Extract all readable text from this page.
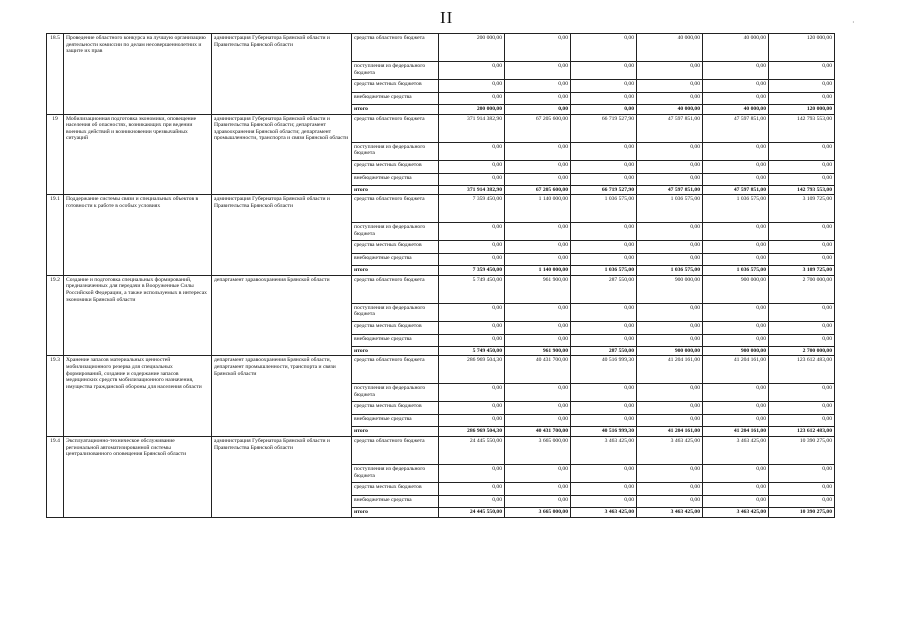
II	·
18.5	Проведение областного конкурса на лучшую организацию деятельности комиссии по делам несовершеннолетних и защите их прав	администрация Губернатора Брянской области и Правительства Брянской области	средства областного бюджета	200 000,00	0,00	0,00	40 000,00	40 000,00	120 000,00
			поступления из федерального бюджета	0,00	0,00	0,00	0,00	0,00	0,00
			средства местных бюджетов	0,00	0,00	0,00	0,00	0,00	0,00
			внебюджетные средства	0,00	0,00	0,00	0,00	0,00	0,00
			итого	200 000,00	0,00	0,00	40 000,00	40 000,00	120 000,00
19	Мобилизационная подготовка экономики, оповещение населения об опасностях, возникающих при ведении военных действий и возникновении чрезвычайных ситуаций	администрация Губернатора Брянской области и Правительства Брянской области; департамент здравоохранения Брянской области; департамент промышленности, транспорта и связи Брянской области	средства областного бюджета	371 914 382,90	67 205 600,00	66 719 527,90	47 597 851,00	47 597 851,00	142 793 553,00
			поступления из федерального бюджета	0,00	0,00	0,00	0,00	0,00	0,00
			средства местных бюджетов	0,00	0,00	0,00	0,00	0,00	0,00
			внебюджетные средства	0,00	0,00	0,00	0,00	0,00	0,00
			итого	371 914 382,90	67 205 600,00	66 719 527,90	47 597 851,00	47 597 851,00	142 793 553,00
19.1	Поддержание системы связи и специальных объектов в готовности к работе в особых условиях	администрация Губернатора Брянской области и Правительства Брянской области	средства областного бюджета	7 359 450,00	1 140 000,00	1 036 575,00	1 036 575,00	1 036 575,00	3 109 725,00
			поступления из федерального бюджета	0,00	0,00	0,00	0,00	0,00	0,00
			средства местных бюджетов	0,00	0,00	0,00	0,00	0,00	0,00
			внебюджетные средства	0,00	0,00	0,00	0,00	0,00	0,00
			итого	7 359 450,00	1 140 000,00	1 036 575,00	1 036 575,00	1 036 575,00	3 109 725,00
19.2	Создание и подготовка специальных формирований, предназначенных для передачи в Вооруженные Силы Российской Федерации, а также используемых в интересах экономики Брянской области	департамент здравоохранения Брянской области	средства областного бюджета	5 749 450,00	961 900,00	287 550,00	900 000,00	900 000,00	2 700 000,00
			поступления из федерального бюджета	0,00	0,00	0,00	0,00	0,00	0,00
			средства местных бюджетов	0,00	0,00	0,00	0,00	0,00	0,00
			внебюджетные средства	0,00	0,00	0,00	0,00	0,00	0,00
			итого	5 749 450,00	961 900,00	287 550,00	900 000,00	900 000,00	2 700 000,00
19.3	Хранение запасов материальных ценностей мобилизационного резерва для специальных формирований, создание и содержание запасов медицинских средств мобилизационного назначения, имущества гражданской обороны для населения области	департамент здравоохранения Брянской области, департамент промышленности, транспорта и связи Брянской области	средства областного бюджета	286 969 504,30	40 431 700,00	40 516 999,30	41 204 161,00	41 204 161,00	123 612 483,00
			поступления из федерального бюджета	0,00	0,00	0,00	0,00	0,00	0,00
			средства местных бюджетов	0,00	0,00	0,00	0,00	0,00	0,00
			внебюджетные средства	0,00	0,00	0,00	0,00	0,00	0,00
			итого	286 969 504,30	40 431 700,00	40 516 999,30	41 204 161,00	41 204 161,00	123 612 483,00
19.4	Эксплуатационно-техническое обслуживание региональной автоматизированной системы централизованного оповещения Брянской области	администрация Губернатора Брянской области и Правительства Брянской области	средства областного бюджета	24 445 550,00	3 665 000,00	3 463 425,00	3 463 425,00	3 463 425,00	10 390 275,00
			поступления из федерального бюджета	0,00	0,00	0,00	0,00	0,00	0,00
			средства местных бюджетов	0,00	0,00	0,00	0,00	0,00	0,00
			внебюджетные средства	0,00	0,00	0,00	0,00	0,00	0,00
			итого	24 445 550,00	3 665 000,00	3 463 425,00	3 463 425,00	3 463 425,00	10 390 275,00
